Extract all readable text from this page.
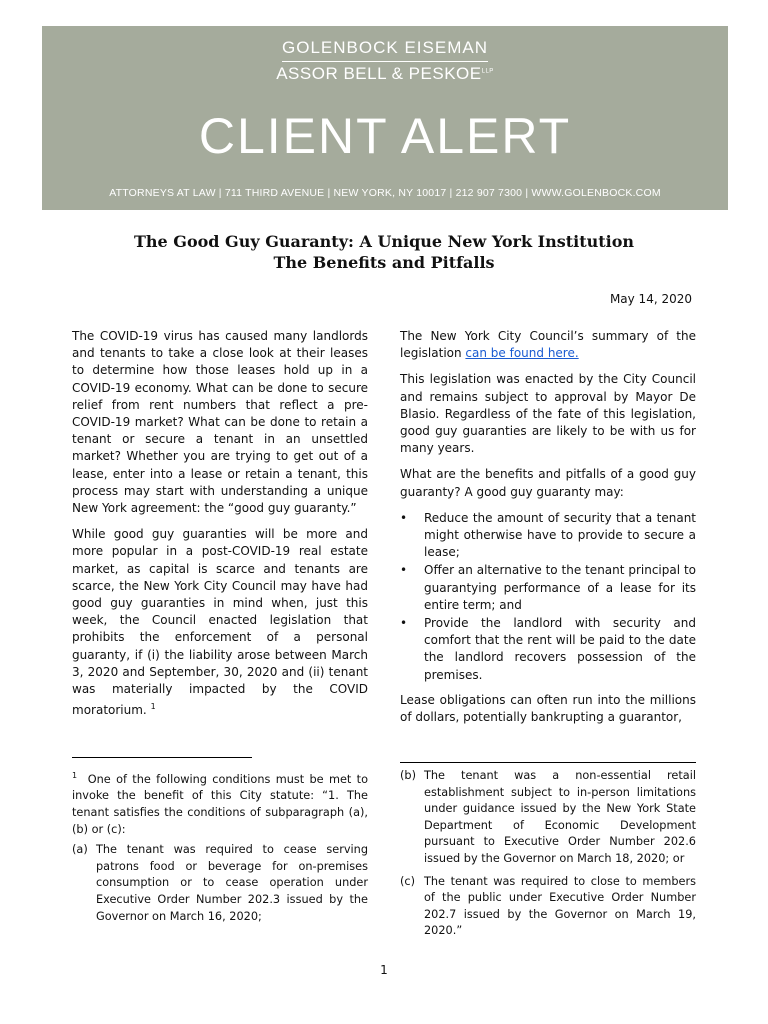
GOLENBOCK EISEMAN
ASSOR BELL & $PESKOE^{LLP}$
CLIENT ALERT
ATTORNEYS AT LAW | 711 THIRD AVENUE | NEW YORK, NY 10017 | 212 907 7300 | WWW.GOLENBOCK.COM
The Good Guy Guaranty: A Unique New York Institution
The Benefits and Pitfalls
May 14, 2020

The COVID-19 virus has caused many landlords and tenants to take a close look at their leases to determine how those leases hold up in a COVID-19 economy. What can be done to secure relief from rent numbers that reflect a pre-COVID-19 market? What can be done to retain a tenant or secure a tenant in an unsettled market? Whether you are trying to get out of a lease, enter into a lease or retain a tenant, this process may start with understanding a unique New York agreement: the “good guy guaranty.”

While good guy guaranties will be more and more popular in a post-COVID-19 real estate market, as capital is scarce and tenants are scarce, the New York City Council may have had good guy guaranties in mind when, just this week, the Council enacted legislation that prohibits the enforcement of a personal guaranty, if (i) the liability arose between March 3, 2020 and September, 30, 2020 and (ii) tenant was materially impacted by the COVID moratorium. $^1$

The New York City Council’s summary of the legislation can be found here.

This legislation was enacted by the City Council and remains subject to approval by Mayor De Blasio. Regardless of the fate of this legislation, good guy guaranties are likely to be with us for many years.

What are the benefits and pitfalls of a good guy guaranty? A good guy guaranty may:

• Reduce the amount of security that a tenant might otherwise have to provide to secure a lease;
• Offer an alternative to the tenant principal to guarantying performance of a lease for its entire term; and
• Provide the landlord with security and comfort that the rent will be paid to the date the landlord recovers possession of the premises.

Lease obligations can often run into the millions of dollars, potentially bankrupting a guarantor,

$^1$ One of the following conditions must be met to invoke the benefit of this City statute: “1. The tenant satisfies the conditions of subparagraph (a), (b) or (c):

(a) The tenant was required to cease serving patrons food or beverage for on-premises consumption or to cease operation under Executive Order Number 202.3 issued by the Governor on March 16, 2020;
(b) The tenant was a non-essential retail establishment subject to in-person limitations under guidance issued by the New York State Department of Economic Development pursuant to Executive Order Number 202.6 issued by the Governor on March 18, 2020; or
(c) The tenant was required to close to members of the public under Executive Order Number 202.7 issued by the Governor on March 19, 2020.”
1
